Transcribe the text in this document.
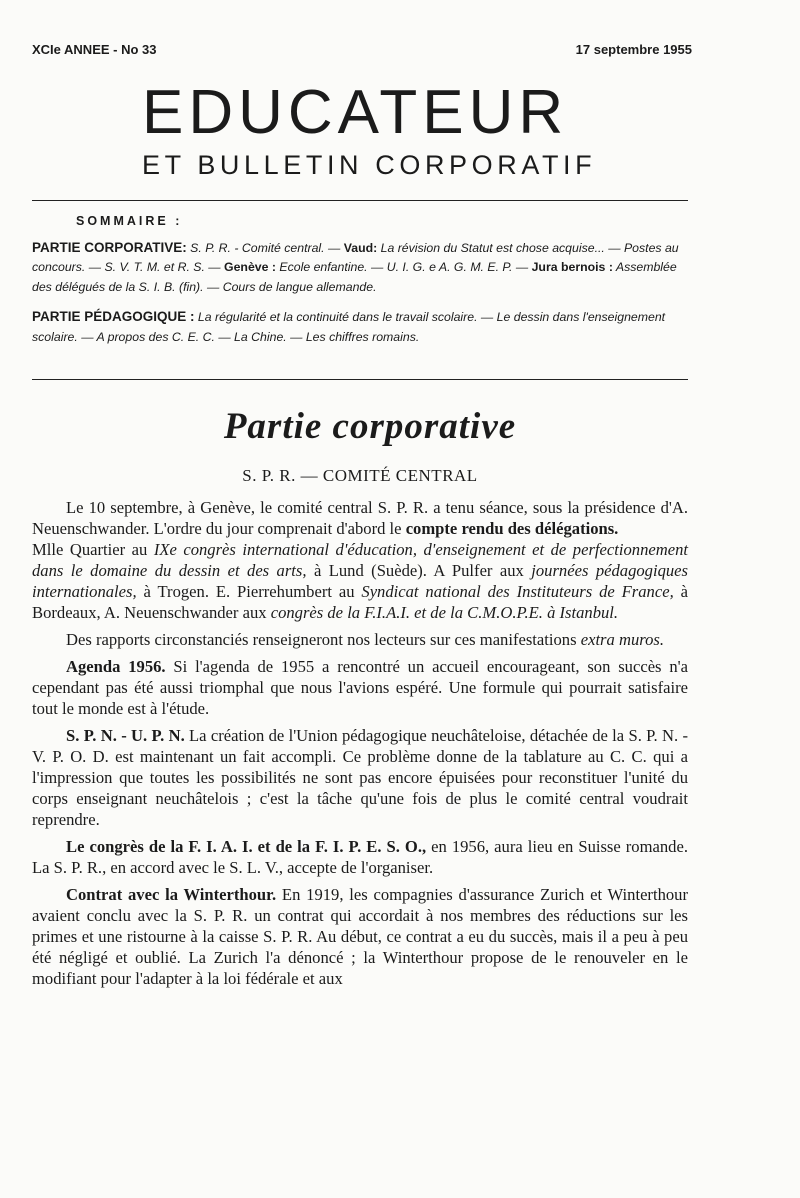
XCIe ANNEE - No 33	17 septembre 1955
EDUCATEUR
ET BULLETIN CORPORATIF
SOMMAIRE :
PARTIE CORPORATIVE: S. P. R. - Comité central. — Vaud: La révision du Statut est chose acquise... — Postes au concours. — S. V. T. M. et R. S. — Genève : Ecole enfantine. — U. I. G. e A. G. M. E. P. — Jura bernois : Assemblée des délégués de la S. I. B. (fin). — Cours de langue allemande.
PARTIE PÉDAGOGIQUE : La régularité et la continuité dans le travail scolaire. — Le dessin dans l'enseignement scolaire. — A propos des C. E. C. — La Chine. — Les chiffres romains.
Partie corporative
S. P. R. — COMITÉ CENTRAL

Le 10 septembre, à Genève, le comité central S. P. R. a tenu séance, sous la présidence d'A. Neuenschwander. L'ordre du jour comprenait d'abord le compte rendu des délégations.

Mlle Quartier au IXe congrès international d'éducation, d'enseignement et de perfectionnement dans le domaine du dessin et des arts, à Lund (Suède). A Pulfer aux journées pédagogiques internationales, à Trogen. E. Pierrehumbert au Syndicat national des Instituteurs de France, à Bordeaux, A. Neuenschwander aux congrès de la F.I.A.I. et de la C.M.O.P.E. à Istanbul.

Des rapports circonstanciés renseigneront nos lecteurs sur ces manifestations extra muros.

Agenda 1956. Si l'agenda de 1955 a rencontré un accueil encourageant, son succès n'a cependant pas été aussi triomphal que nous l'avions espéré. Une formule qui pourrait satisfaire tout le monde est à l'étude.

S. P. N. - U. P. N. La création de l'Union pédagogique neuchâteloise, détachée de la S. P. N. - V. P. O. D. est maintenant un fait accompli. Ce problème donne de la tablature au C. C. qui a l'impression que toutes les possibilités ne sont pas encore épuisées pour reconstituer l'unité du corps enseignant neuchâtelois ; c'est la tâche qu'une fois de plus le comité central voudrait reprendre.

Le congrès de la F. I. A. I. et de la F. I. P. E. S. O., en 1956, aura lieu en Suisse romande. La S. P. R., en accord avec le S. L. V., accepte de l'organiser.

Contrat avec la Winterthour. En 1919, les compagnies d'assurance Zurich et Winterthour avaient conclu avec la S. P. R. un contrat qui accordait à nos membres des réductions sur les primes et une ristourne à la caisse S. P. R. Au début, ce contrat a eu du succès, mais il a peu à peu été négligé et oublié. La Zurich l'a dénoncé ; la Winterthour propose de le renouveler en le modifiant pour l'adapter à la loi fédérale et aux
